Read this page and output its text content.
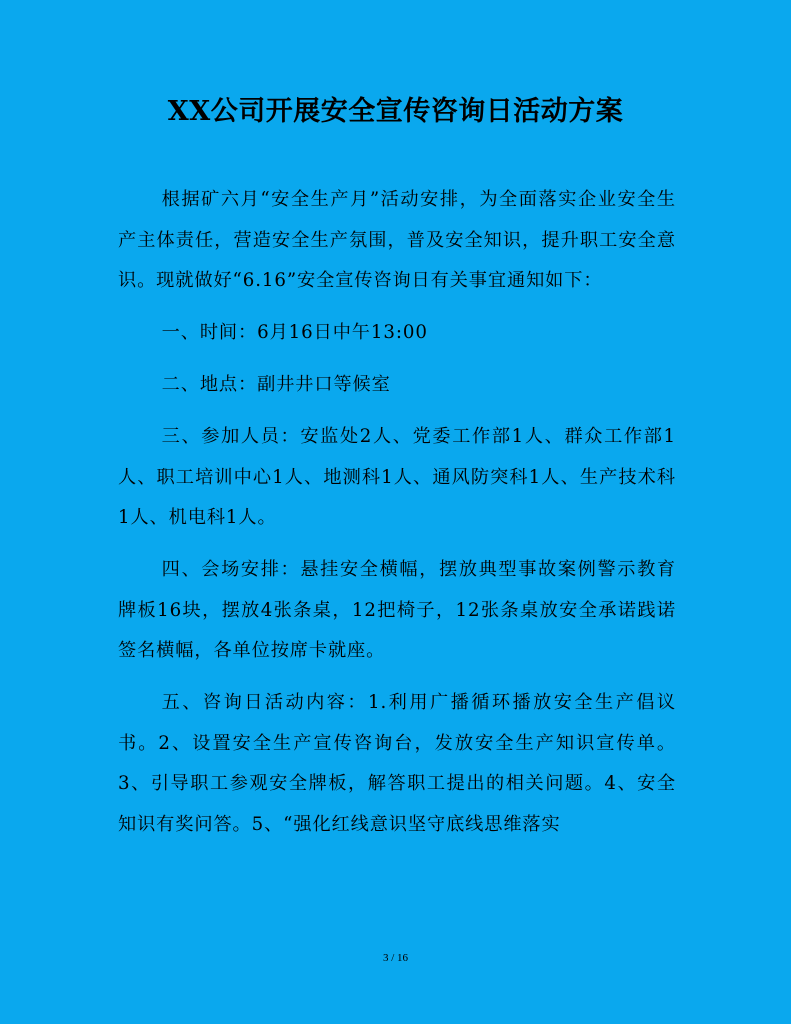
XX公司开展安全宣传咨询日活动方案

根据矿六月“安全生产月”活动安排，为全面落实企业安全生产主体责任，营造安全生产氛围，普及安全知识，提升职工安全意识。现就做好“6.16”安全宣传咨询日有关事宜通知如下：

一、时间：6月16日中午13:00

二、地点：副井井口等候室

三、参加人员：安监处2人、党委工作部1人、群众工作部1人、职工培训中心1人、地测科1人、通风防突科1人、生产技术科1人、机电科1人。

四、会场安排：悬挂安全横幅，摆放典型事故案例警示教育牌板16块，摆放4张条桌，12把椅子，12张条桌放安全承诺践诺签名横幅，各单位按席卡就座。

五、咨询日活动内容：1.利用广播循环播放安全生产倡议书。2、设置安全生产宣传咨询台，发放安全生产知识宣传单。3、引导职工参观安全牌板，解答职工提出的相关问题。4、安全知识有奖问答。5、“强化红线意识坚守底线思维落实

3 / 16
